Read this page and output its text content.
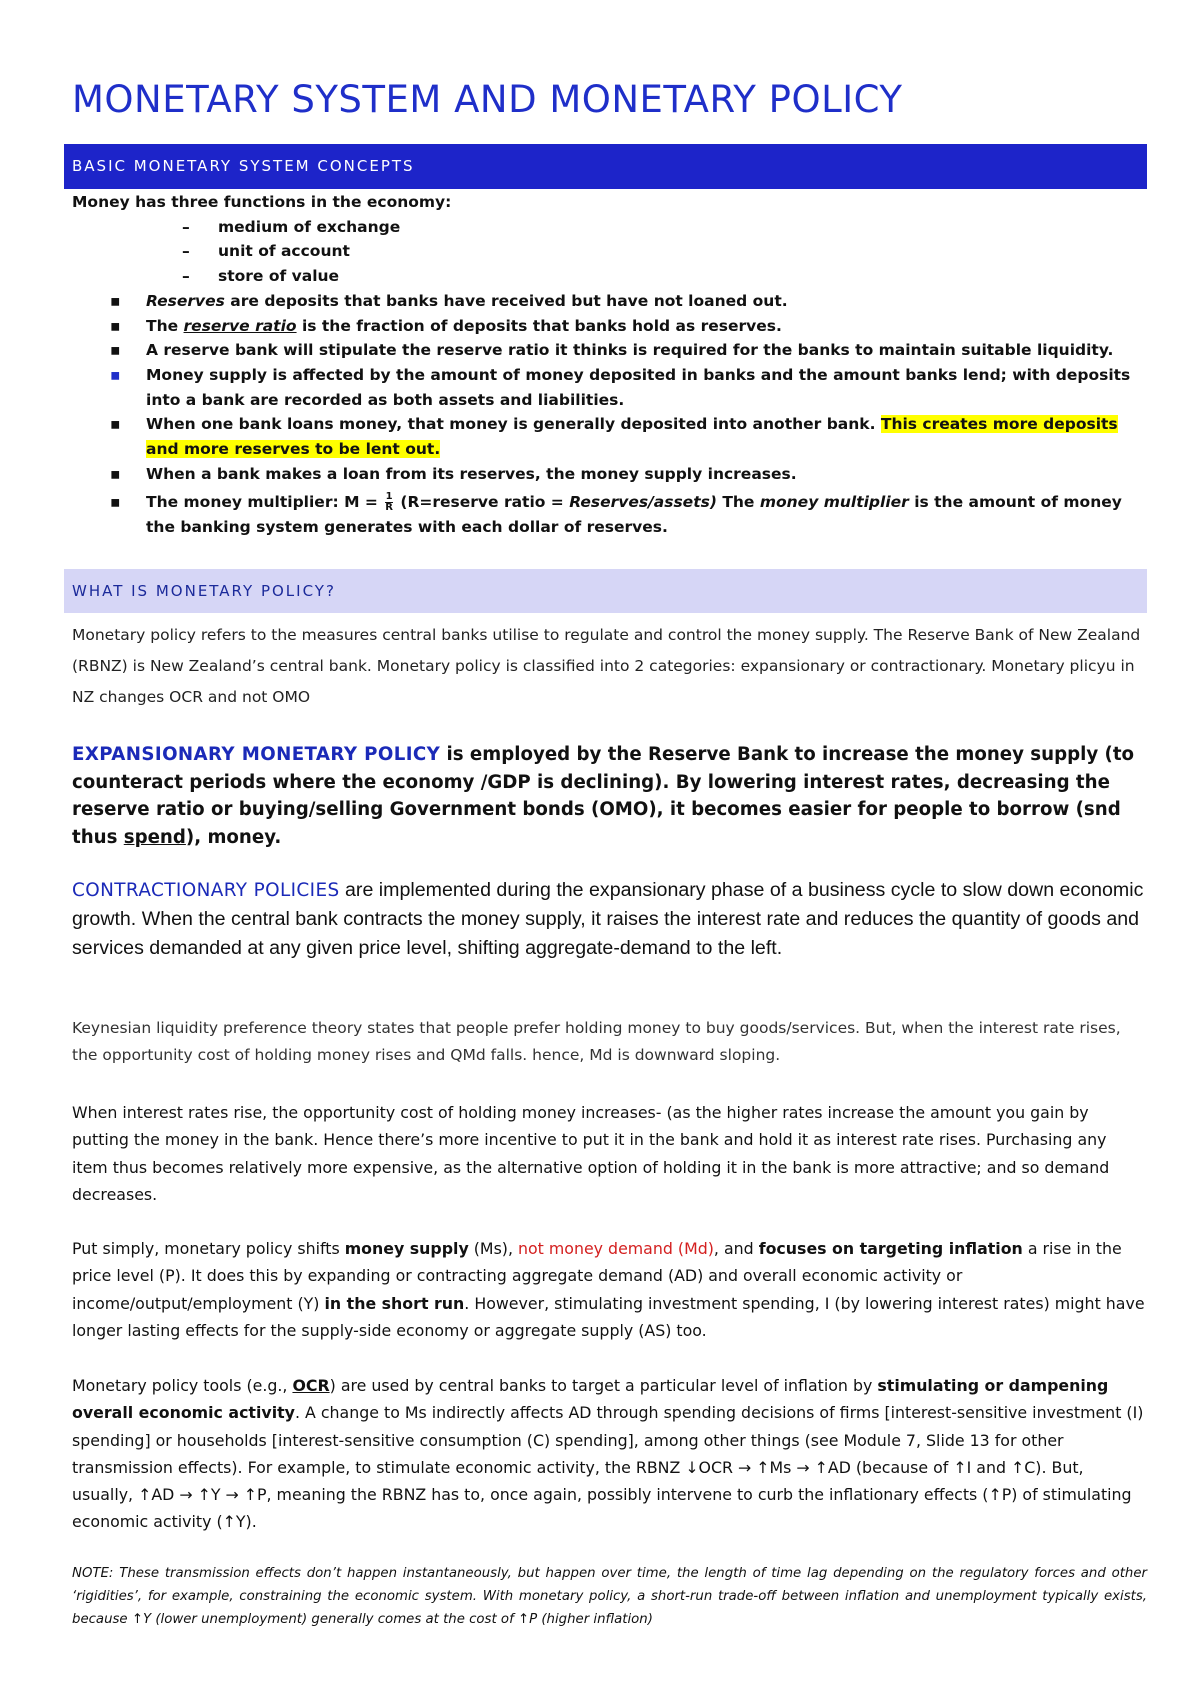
MONETARY SYSTEM AND MONETARY POLICY
BASIC MONETARY SYSTEM CONCEPTS
Money has three functions in the economy:
–	medium of exchange
–	unit of account
–	store of value
▪	Reserves are deposits that banks have received but have not loaned out.
▪	The reserve ratio is the fraction of deposits that banks hold as reserves.
▪	A reserve bank will stipulate the reserve ratio it thinks is required for the banks to maintain suitable liquidity.
▪	Money supply is affected by the amount of money deposited in banks and the amount banks lend; with deposits into a bank are recorded as both assets and liabilities.
▪	When one bank loans money, that money is generally deposited into another bank. This creates more deposits and more reserves to be lent out.
▪	When a bank makes a loan from its reserves, the money supply increases.
▪	The money multiplier: $M = \frac{1}{R}$ (R=reserve ratio = Reserves/assets) The money multiplier is the amount of money the banking system generates with each dollar of reserves.
WHAT IS MONETARY POLICY?
Monetary policy refers to the measures central banks utilise to regulate and control the money supply. The Reserve Bank of New Zealand (RBNZ) is New Zealand’s central bank. Monetary policy is classified into 2 categories: expansionary or contractionary. Monetary plicyu in NZ changes OCR and not OMO
EXPANSIONARY MONETARY POLICY is employed by the Reserve Bank to increase the money supply (to counteract periods where the economy /GDP is declining). By lowering interest rates, decreasing the reserve ratio or buying/selling Government bonds (OMO), it becomes easier for people to borrow (snd thus spend), money.
CONTRACTIONARY POLICIES are implemented during the expansionary phase of a business cycle to slow down economic growth. When the central bank contracts the money supply, it raises the interest rate and reduces the quantity of goods and services demanded at any given price level, shifting aggregate-demand to the left.
Keynesian liquidity preference theory states that people prefer holding money to buy goods/services. But, when the interest rate rises, the opportunity cost of holding money rises and QMd falls. hence, Md is downward sloping.
When interest rates rise, the opportunity cost of holding money increases- (as the higher rates increase the amount you gain by putting the money in the bank. Hence there’s more incentive to put it in the bank and hold it as interest rate rises. Purchasing any item thus becomes relatively more expensive, as the alternative option of holding it in the bank is more attractive; and so demand decreases.
Put simply, monetary policy shifts money supply (Ms), not money demand (Md), and focuses on targeting inflation a rise in the price level (P). It does this by expanding or contracting aggregate demand (AD) and overall economic activity or income/output/employment (Y) in the short run. However, stimulating investment spending, I (by lowering interest rates) might have longer lasting effects for the supply-side economy or aggregate supply (AS) too.
Monetary policy tools (e.g., OCR) are used by central banks to target a particular level of inflation by stimulating or dampening overall economic activity. A change to Ms indirectly affects AD through spending decisions of firms [interest-sensitive investment (I) spending] or households [interest-sensitive consumption (C) spending], among other things (see Module 7, Slide 13 for other transmission effects). For example, to stimulate economic activity, the RBNZ ↓OCR → ↑Ms → ↑AD (because of ↑I and ↑C). But, usually, ↑AD → ↑Y → ↑P, meaning the RBNZ has to, once again, possibly intervene to curb the inflationary effects (↑P) of stimulating economic activity (↑Y).
NOTE: These transmission effects don’t happen instantaneously, but happen over time, the length of time lag depending on the regulatory forces and other ‘rigidities’, for example, constraining the economic system. With monetary policy, a short-run trade-off between inflation and unemployment typically exists, because ↑Y (lower unemployment) generally comes at the cost of ↑P (higher inflation)
